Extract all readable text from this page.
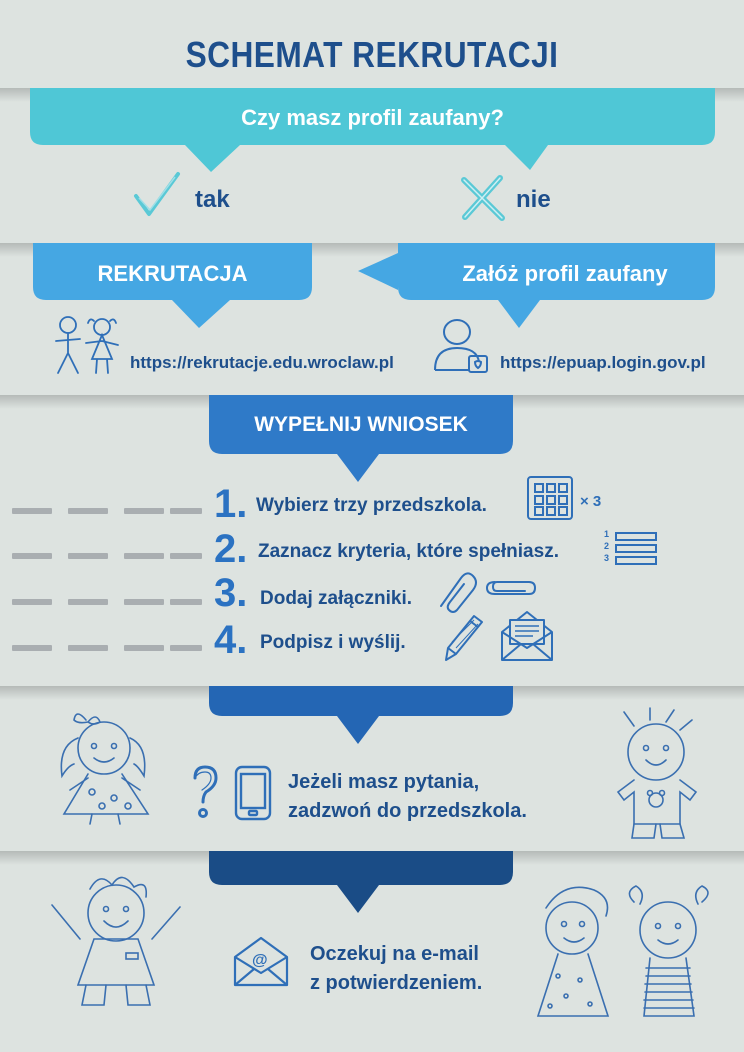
SCHEMAT REKRUTACJI
Czy masz profil zaufany?
tak	nie
REKRUTACJA	Załóż profil zaufany
https://rekrutacje.edu.wroclaw.pl	https://epuap.login.gov.pl
WYPEŁNIJ WNIOSEK
1. Wybierz trzy przedszkola.
2. Zaznacz kryteria, które spełniasz.
3. Dodaj załączniki.
4. Podpisz i wyślij.
× 3
1
2
3
Jeżeli masz pytania,
zadzwoń do przedszkola.
@ Oczekuj na e-mail
z potwierdzeniem.
